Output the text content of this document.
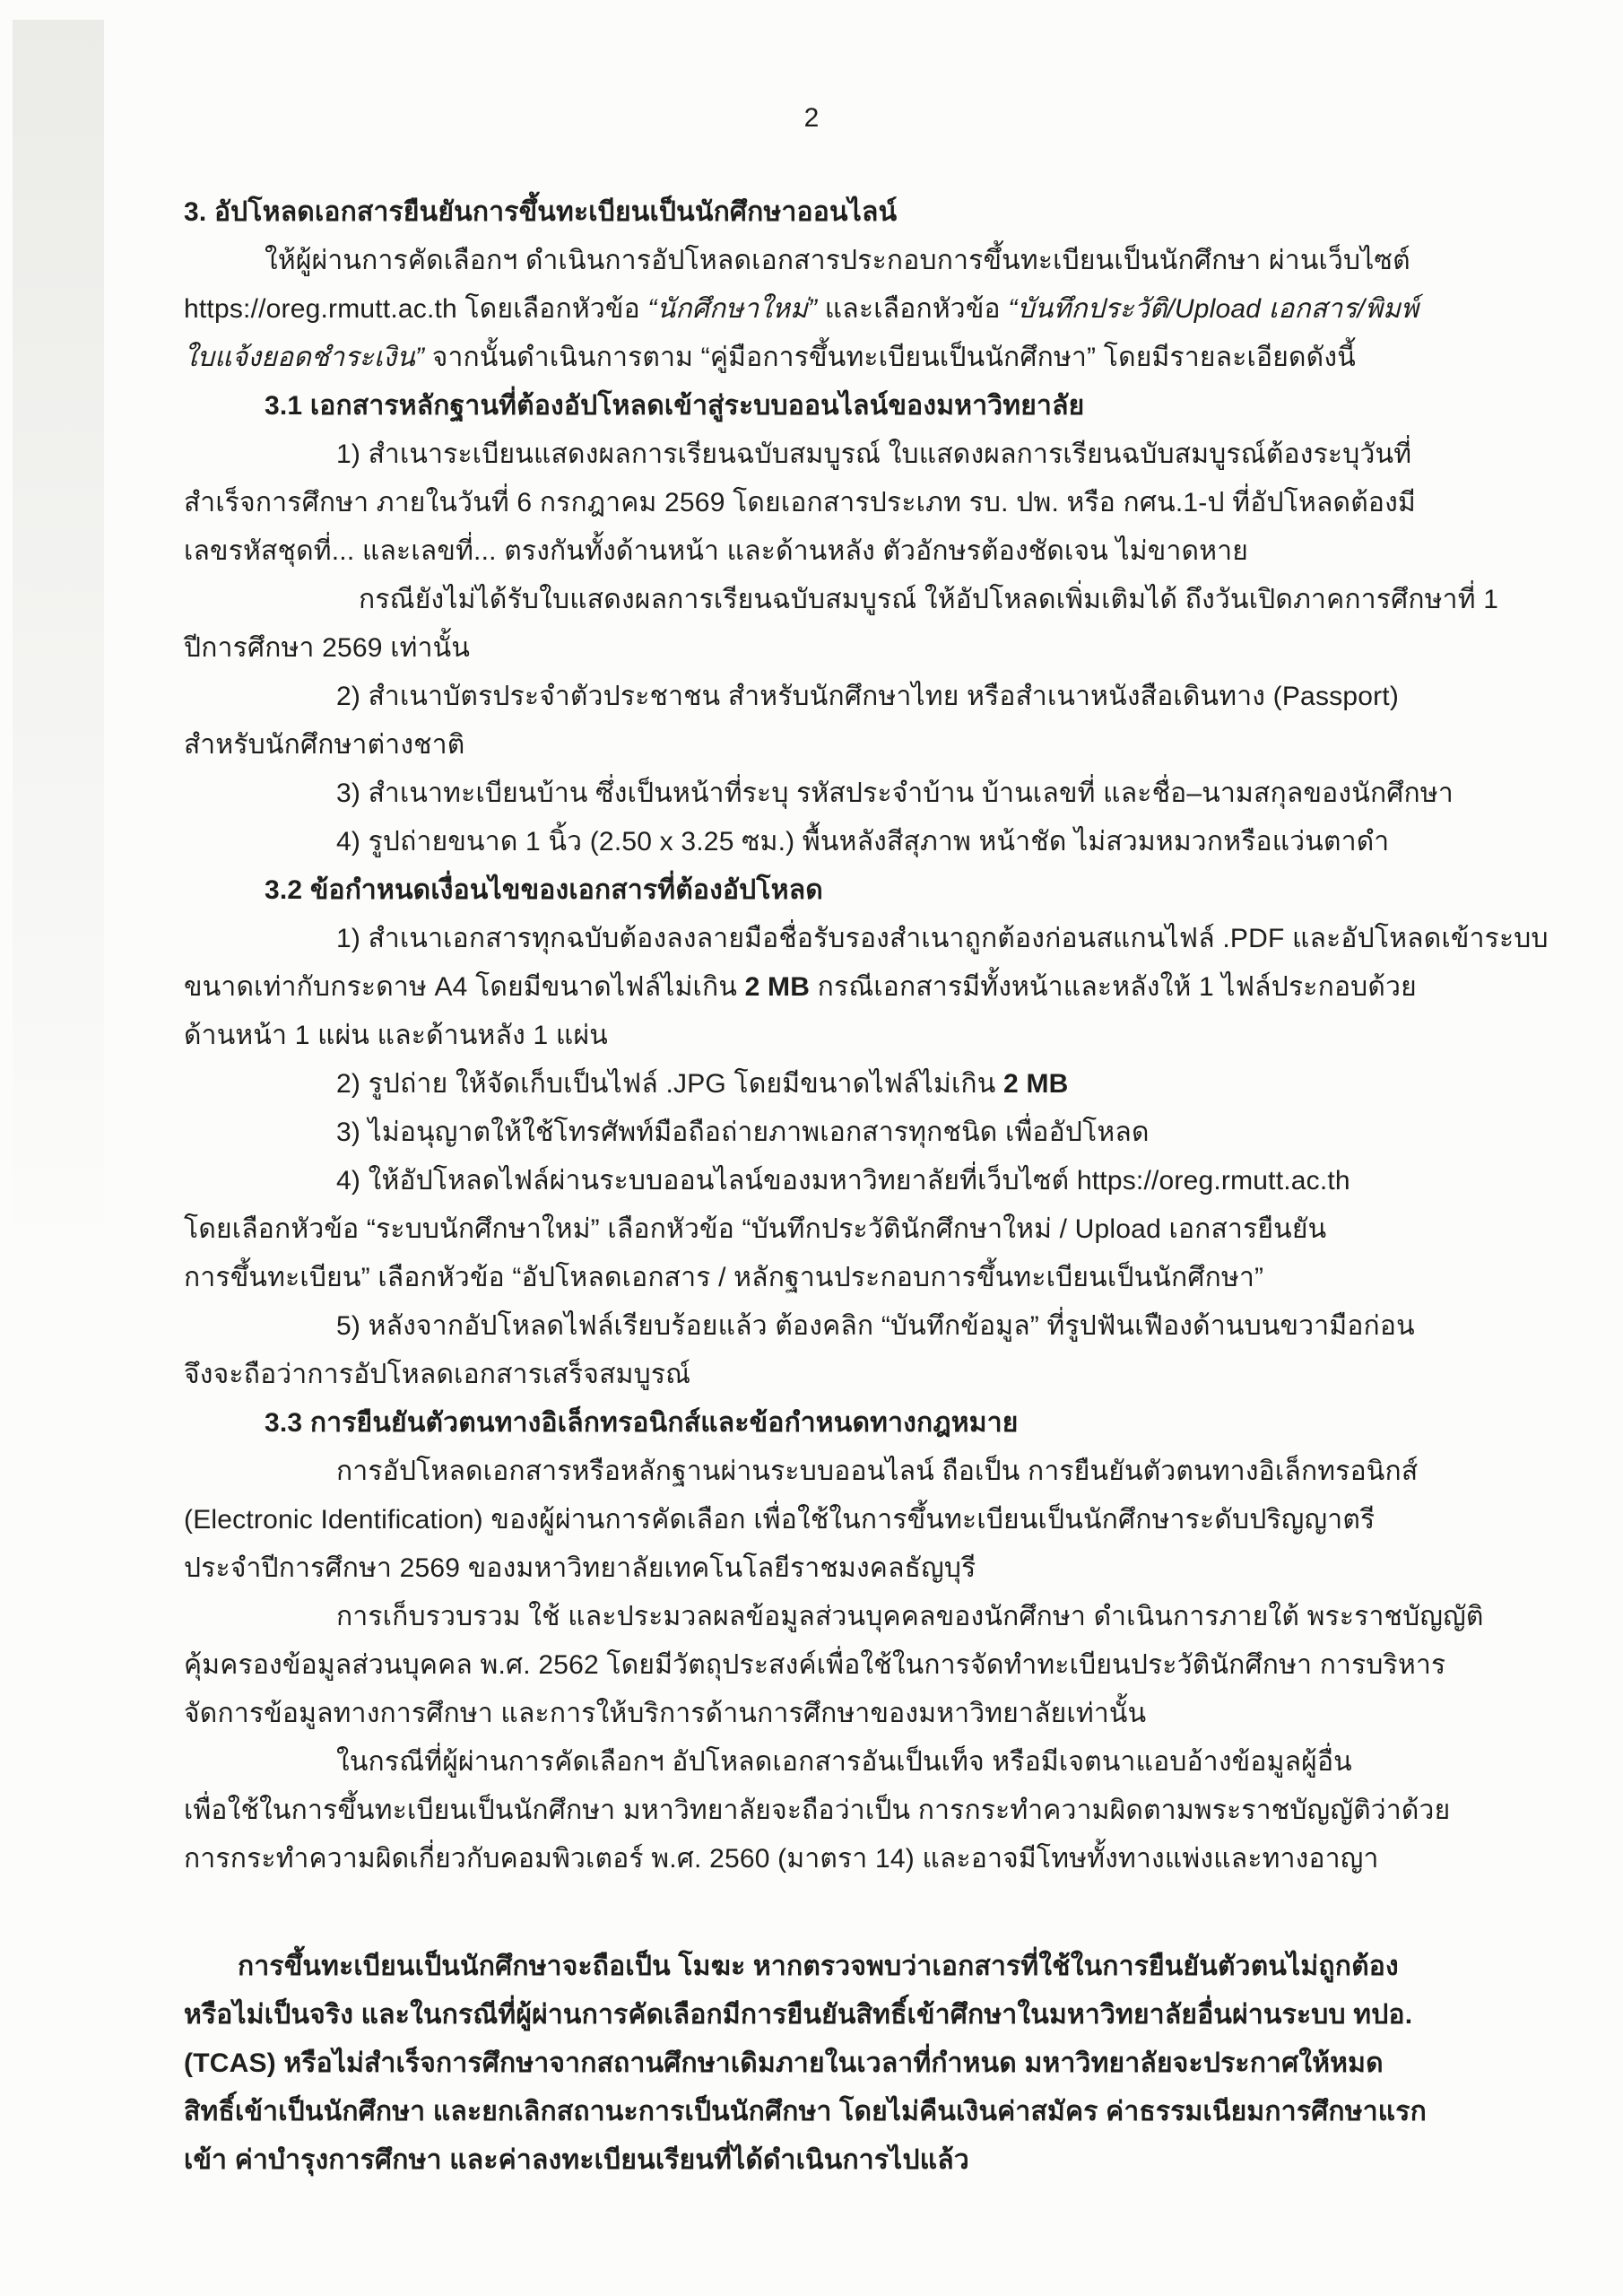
2
3. อัปโหลดเอกสารยืนยันการขึ้นทะเบียนเป็นนักศึกษาออนไลน์
ให้ผู้ผ่านการคัดเลือกฯ ดำเนินการอัปโหลดเอกสารประกอบการขึ้นทะเบียนเป็นนักศึกษา ผ่านเว็บไซต์
https://oreg.rmutt.ac.th โดยเลือกหัวข้อ “นักศึกษาใหม่” และเลือกหัวข้อ “บันทึกประวัติ/Upload เอกสาร/พิมพ์
ใบแจ้งยอดชำระเงิน” จากนั้นดำเนินการตาม “คู่มือการขึ้นทะเบียนเป็นนักศึกษา” โดยมีรายละเอียดดังนี้
3.1 เอกสารหลักฐานที่ต้องอัปโหลดเข้าสู่ระบบออนไลน์ของมหาวิทยาลัย
1) สำเนาระเบียนแสดงผลการเรียนฉบับสมบูรณ์ ใบแสดงผลการเรียนฉบับสมบูรณ์ต้องระบุวันที่
สำเร็จการศึกษา ภายในวันที่ 6 กรกฎาคม 2569 โดยเอกสารประเภท รบ. ปพ. หรือ กศน.1-ป ที่อัปโหลดต้องมี
เลขรหัสชุดที่... และเลขที่... ตรงกันทั้งด้านหน้า และด้านหลัง ตัวอักษรต้องชัดเจน ไม่ขาดหาย
กรณียังไม่ได้รับใบแสดงผลการเรียนฉบับสมบูรณ์ ให้อัปโหลดเพิ่มเติมได้ ถึงวันเปิดภาคการศึกษาที่ 1
ปีการศึกษา 2569 เท่านั้น
2) สำเนาบัตรประจำตัวประชาชน สำหรับนักศึกษาไทย หรือสำเนาหนังสือเดินทาง (Passport)
สำหรับนักศึกษาต่างชาติ
3) สำเนาทะเบียนบ้าน ซึ่งเป็นหน้าที่ระบุ รหัสประจำบ้าน บ้านเลขที่ และชื่อ–นามสกุลของนักศึกษา
4) รูปถ่ายขนาด 1 นิ้ว (2.50 x 3.25 ซม.) พื้นหลังสีสุภาพ หน้าชัด ไม่สวมหมวกหรือแว่นตาดำ
3.2 ข้อกำหนดเงื่อนไขของเอกสารที่ต้องอัปโหลด
1) สำเนาเอกสารทุกฉบับต้องลงลายมือชื่อรับรองสำเนาถูกต้องก่อนสแกนไฟล์ .PDF และอัปโหลดเข้าระบบ
ขนาดเท่ากับกระดาษ A4 โดยมีขนาดไฟล์ไม่เกิน 2 MB กรณีเอกสารมีทั้งหน้าและหลังให้ 1 ไฟล์ประกอบด้วย
ด้านหน้า 1 แผ่น และด้านหลัง 1 แผ่น
2) รูปถ่าย ให้จัดเก็บเป็นไฟล์ .JPG โดยมีขนาดไฟล์ไม่เกิน 2 MB
3) ไม่อนุญาตให้ใช้โทรศัพท์มือถือถ่ายภาพเอกสารทุกชนิด เพื่ออัปโหลด
4) ให้อัปโหลดไฟล์ผ่านระบบออนไลน์ของมหาวิทยาลัยที่เว็บไซต์ https://oreg.rmutt.ac.th
โดยเลือกหัวข้อ “ระบบนักศึกษาใหม่” เลือกหัวข้อ “บันทึกประวัตินักศึกษาใหม่ / Upload เอกสารยืนยัน
การขึ้นทะเบียน” เลือกหัวข้อ “อัปโหลดเอกสาร / หลักฐานประกอบการขึ้นทะเบียนเป็นนักศึกษา”
5) หลังจากอัปโหลดไฟล์เรียบร้อยแล้ว ต้องคลิก “บันทึกข้อมูล” ที่รูปฟันเฟืองด้านบนขวามือก่อน
จึงจะถือว่าการอัปโหลดเอกสารเสร็จสมบูรณ์
3.3 การยืนยันตัวตนทางอิเล็กทรอนิกส์และข้อกำหนดทางกฎหมาย
การอัปโหลดเอกสารหรือหลักฐานผ่านระบบออนไลน์ ถือเป็น การยืนยันตัวตนทางอิเล็กทรอนิกส์
(Electronic Identification) ของผู้ผ่านการคัดเลือก เพื่อใช้ในการขึ้นทะเบียนเป็นนักศึกษาระดับปริญญาตรี
ประจำปีการศึกษา 2569 ของมหาวิทยาลัยเทคโนโลยีราชมงคลธัญบุรี
การเก็บรวบรวม ใช้ และประมวลผลข้อมูลส่วนบุคคลของนักศึกษา ดำเนินการภายใต้ พระราชบัญญัติ
คุ้มครองข้อมูลส่วนบุคคล พ.ศ. 2562 โดยมีวัตถุประสงค์เพื่อใช้ในการจัดทำทะเบียนประวัตินักศึกษา การบริหาร
จัดการข้อมูลทางการศึกษา และการให้บริการด้านการศึกษาของมหาวิทยาลัยเท่านั้น
ในกรณีที่ผู้ผ่านการคัดเลือกฯ อัปโหลดเอกสารอันเป็นเท็จ หรือมีเจตนาแอบอ้างข้อมูลผู้อื่น
เพื่อใช้ในการขึ้นทะเบียนเป็นนักศึกษา มหาวิทยาลัยจะถือว่าเป็น การกระทำความผิดตามพระราชบัญญัติว่าด้วย
การกระทำความผิดเกี่ยวกับคอมพิวเตอร์ พ.ศ. 2560 (มาตรา 14) และอาจมีโทษทั้งทางแพ่งและทางอาญา
การขึ้นทะเบียนเป็นนักศึกษาจะถือเป็น โมฆะ หากตรวจพบว่าเอกสารที่ใช้ในการยืนยันตัวตนไม่ถูกต้อง
หรือไม่เป็นจริง และในกรณีที่ผู้ผ่านการคัดเลือกมีการยืนยันสิทธิ์เข้าศึกษาในมหาวิทยาลัยอื่นผ่านระบบ ทปอ.
(TCAS) หรือไม่สำเร็จการศึกษาจากสถานศึกษาเดิมภายในเวลาที่กำหนด มหาวิทยาลัยจะประกาศให้หมด
สิทธิ์เข้าเป็นนักศึกษา และยกเลิกสถานะการเป็นนักศึกษา โดยไม่คืนเงินค่าสมัคร ค่าธรรมเนียมการศึกษาแรก
เข้า ค่าบำรุงการศึกษา และค่าลงทะเบียนเรียนที่ได้ดำเนินการไปแล้ว
